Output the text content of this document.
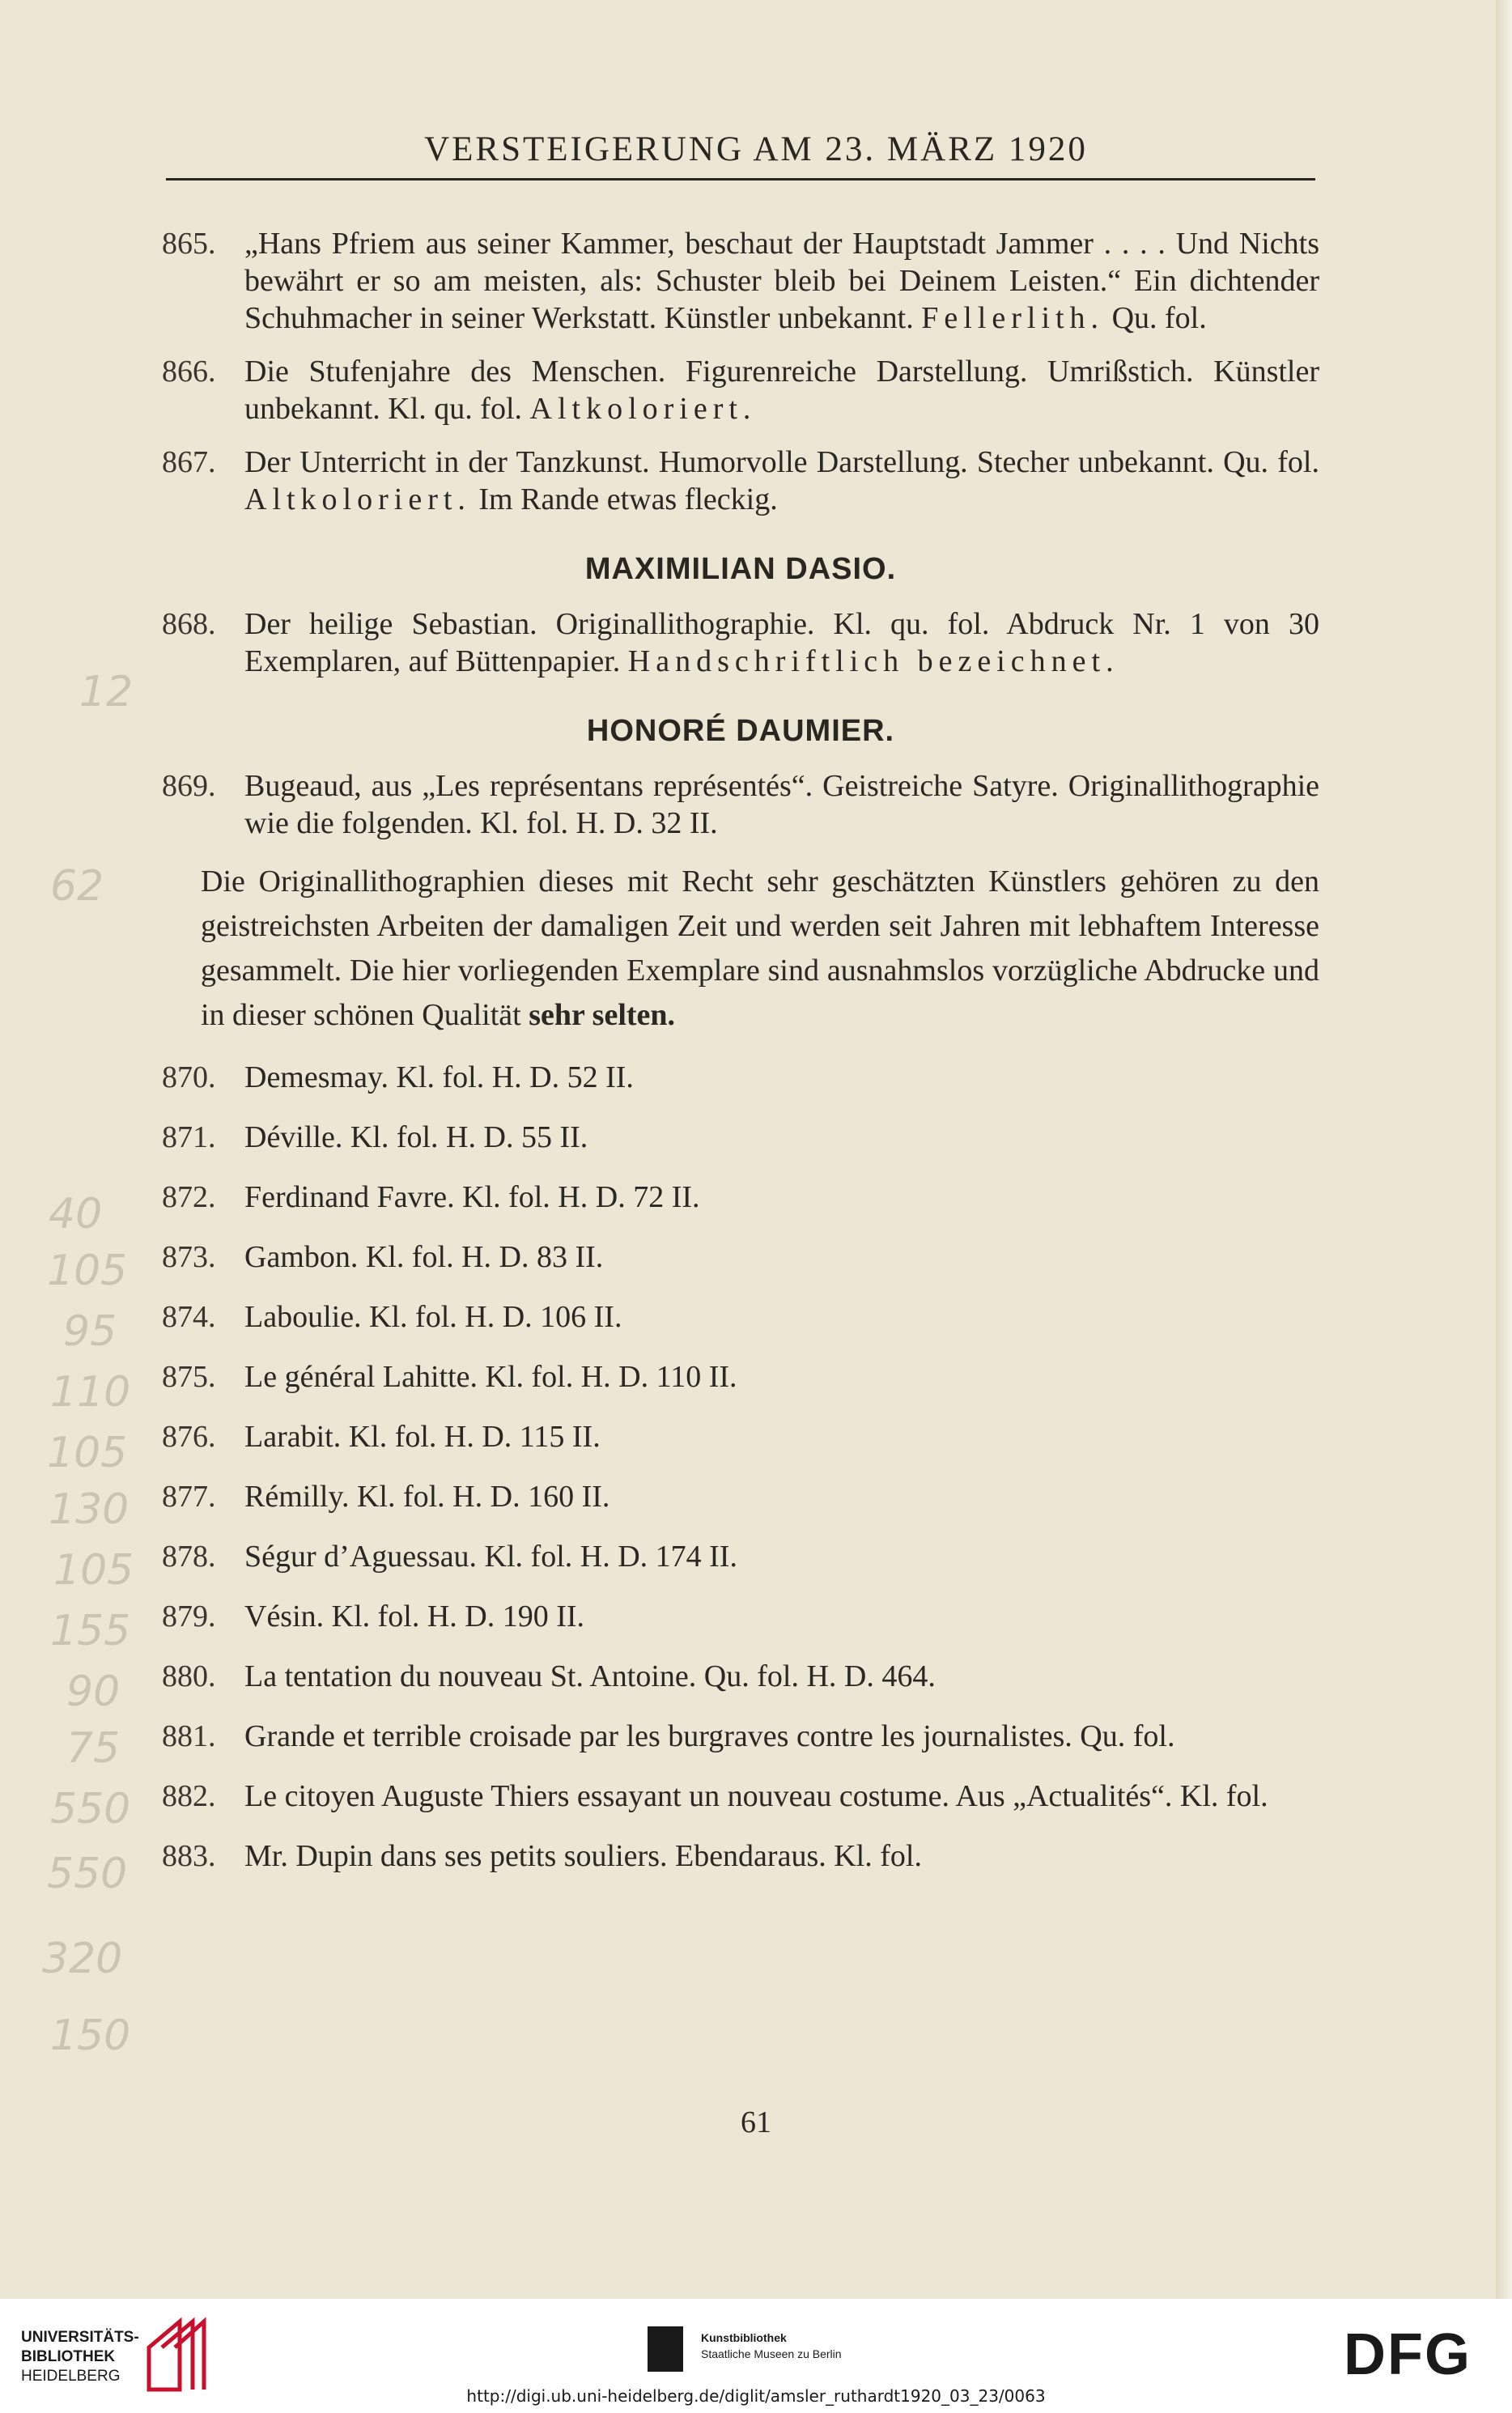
VERSTEIGERUNG AM 23. MÄRZ 1920
12
62
40
105
95
110
105
130
105
155
90
75
550
550
320
150
865. „Hans Pfriem aus seiner Kammer, beschaut der Hauptstadt Jammer . . . . Und Nichts bewährt er so am meisten, als: Schuster bleib bei Deinem Leisten.“ Ein dichtender Schuhmacher in seiner Werkstatt. Künstler unbekannt. Fellerlith. Qu. fol.
866. Die Stufenjahre des Menschen. Figurenreiche Darstellung. Umrißstich. Künstler unbekannt. Kl. qu. fol. Altkoloriert.
867. Der Unterricht in der Tanzkunst. Humorvolle Darstellung. Stecher unbekannt. Qu. fol. Altkoloriert. Im Rande etwas fleckig.
MAXIMILIAN DASIO.
868. Der heilige Sebastian. Originallithographie. Kl. qu. fol. Abdruck Nr. 1 von 30 Exemplaren, auf Büttenpapier. Handschriftlich bezeichnet.
HONORÉ DAUMIER.
869. Bugeaud, aus „Les représentans représentés“. Geistreiche Satyre. Originallithographie wie die folgenden. Kl. fol. H. D. 32 II.
Die Originallithographien dieses mit Recht sehr geschätzten Künstlers gehören zu den geistreichsten Arbeiten der damaligen Zeit und werden seit Jahren mit lebhaftem Interesse gesammelt. Die hier vorliegenden Exemplare sind ausnahmslos vorzügliche Abdrucke und in dieser schönen Qualität sehr selten.
870. Demesmay. Kl. fol. H. D. 52 II.
871. Déville. Kl. fol. H. D. 55 II.
872. Ferdinand Favre. Kl. fol. H. D. 72 II.
873. Gambon. Kl. fol. H. D. 83 II.
874. Laboulie. Kl. fol. H. D. 106 II.
875. Le général Lahitte. Kl. fol. H. D. 110 II.
876. Larabit. Kl. fol. H. D. 115 II.
877. Rémilly. Kl. fol. H. D. 160 II.
878. Ségur d’Aguessau. Kl. fol. H. D. 174 II.
879. Vésin. Kl. fol. H. D. 190 II.
880. La tentation du nouveau St. Antoine. Qu. fol. H. D. 464.
881. Grande et terrible croisade par les burgraves contre les journalistes. Qu. fol.
882. Le citoyen Auguste Thiers essayant un nouveau costume. Aus „Actualités“. Kl. fol.
883. Mr. Dupin dans ses petits souliers. Ebendaraus. Kl. fol.
61
UNIVERSITÄTS-
BIBLIOTHEK
HEIDELBERG
Kunstbibliothek
Staatliche Museen zu Berlin	DFG
http://digi.ub.uni-heidelberg.de/diglit/amsler_ruthardt1920_03_23/0063
